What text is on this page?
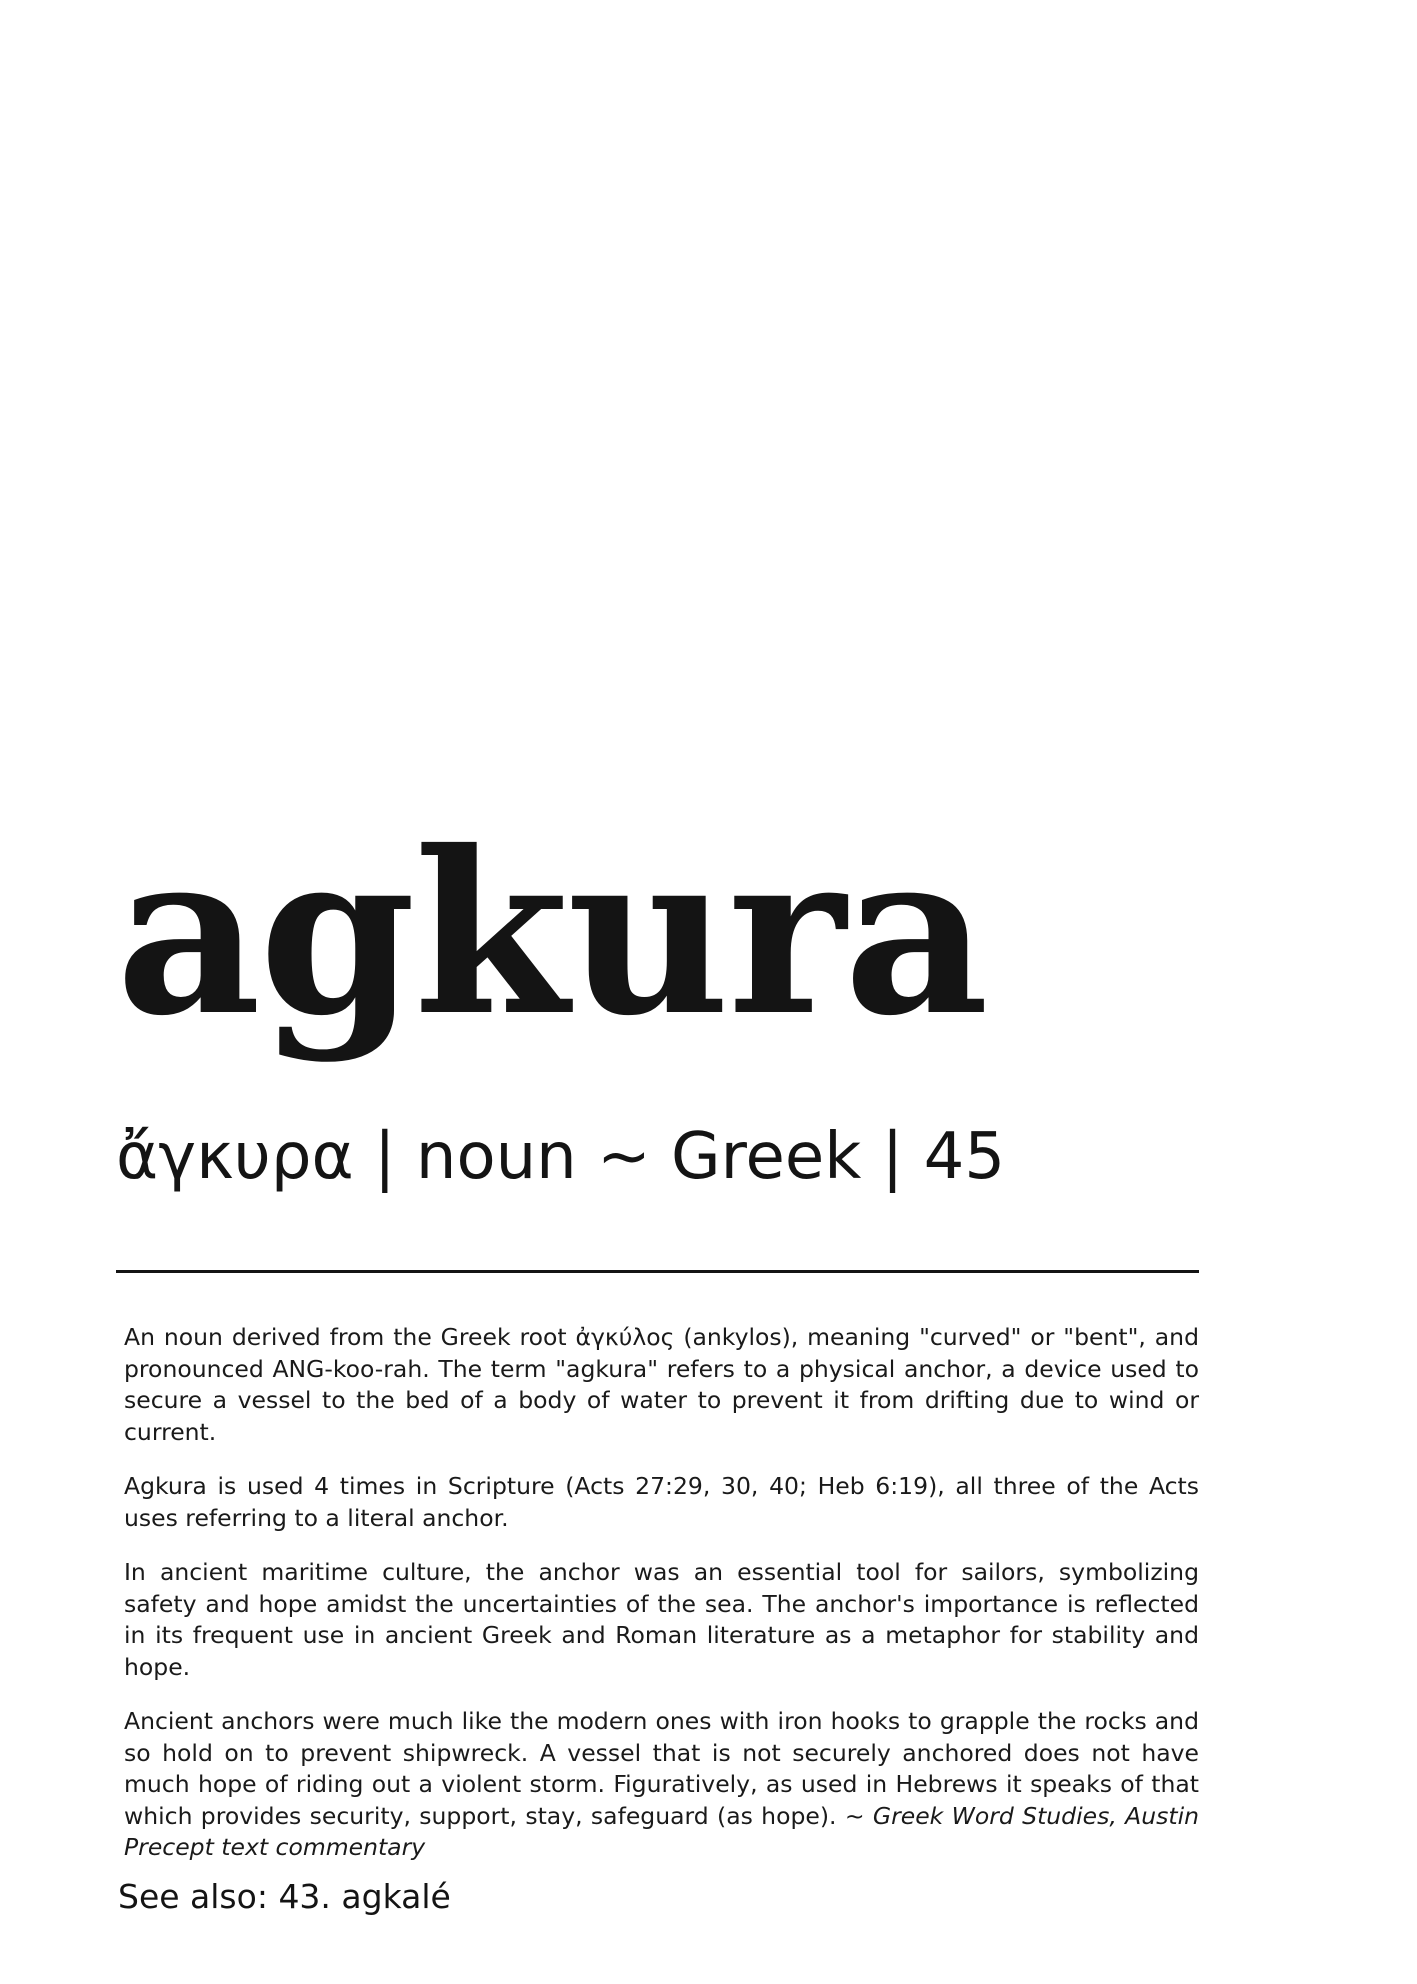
agkura
ἄγκυρα | noun ~ Greek | 45

An noun derived from the Greek root ἀγκύλος (ankylos), meaning "curved" or "bent", and pronounced ANG-koo-rah. The term "agkura" refers to a physical anchor, a device used to secure a vessel to the bed of a body of water to prevent it from drifting due to wind or current.

Agkura is used 4 times in Scripture (Acts 27:29, 30, 40; Heb 6:19), all three of the Acts uses referring to a literal anchor.

In ancient maritime culture, the anchor was an essential tool for sailors, symbolizing safety and hope amidst the uncertainties of the sea. The anchor's importance is reflected in its frequent use in ancient Greek and Roman literature as a metaphor for stability and hope.

Ancient anchors were much like the modern ones with iron hooks to grapple the rocks and so hold on to prevent shipwreck. A vessel that is not securely anchored does not have much hope of riding out a violent storm. Figuratively, as used in Hebrews it speaks of that which provides security, support, stay, safeguard (as hope). ~ Greek Word Studies, Austin Precept text commentary

See also: 43. agkalé
